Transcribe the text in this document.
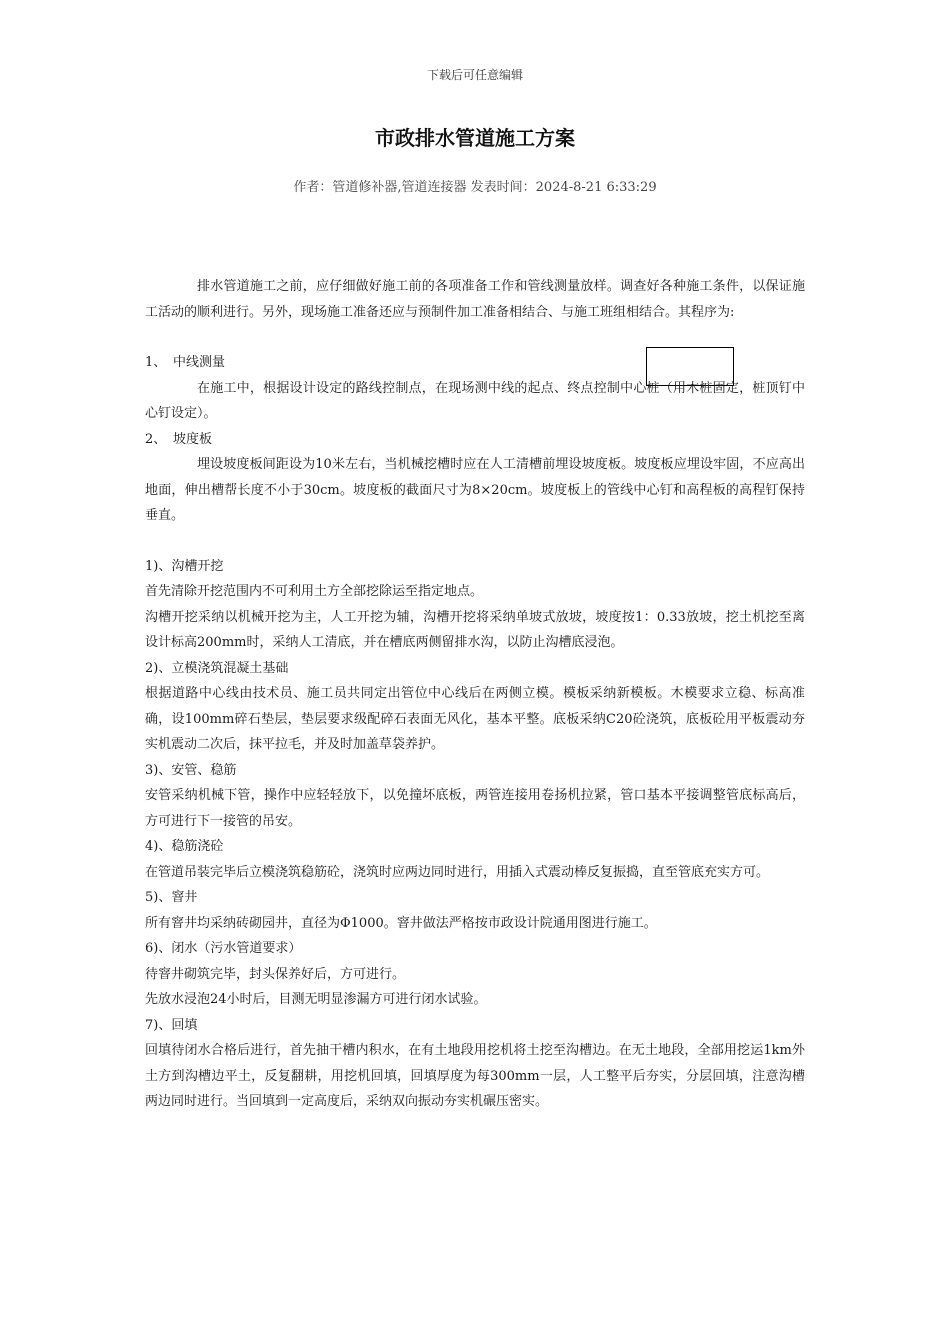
下载后可任意编辑
市政排水管道施工方案
作者：管道修补器,管道连接器 发表时间：2024-8-21 6:33:29

排水管道施工之前，应仔细做好施工前的各项准备工作和管线测量放样。调查好各种施工条件，以保证施工活动的顺利进行。另外，现场施工准备还应与预制件加工准备相结合、与施工班组相结合。其程序为:

1、 中线测量

在施工中，根据设计设定的路线控制点，在现场测中线的起点、终点控制中心桩（用木桩固定，桩顶钉中心钉设定）。

2、 坡度板

埋设坡度板间距设为10米左右，当机械挖槽时应在人工清槽前埋设坡度板。坡度板应埋设牢固，不应高出地面，伸出槽帮长度不小于30cm。坡度板的截面尺寸为8×20cm。坡度板上的管线中心钉和高程板的高程钉保持垂直。

1)、沟槽开挖

首先清除开挖范围内不可利用土方全部挖除运至指定地点。

沟槽开挖采纳以机械开挖为主，人工开挖为辅，沟槽开挖将采纳单坡式放坡，坡度按1：0.33放坡，挖土机挖至离设计标高200mm时，采纳人工清底，并在槽底两侧留排水沟，以防止沟槽底浸泡。

2)、立模浇筑混凝土基础

根据道路中心线由技术员、施工员共同定出管位中心线后在两侧立模。模板采纳新模板。木模要求立稳、标高准确，设100mm碎石垫层，垫层要求级配碎石表面无风化，基本平整。底板采纳C20砼浇筑，底板砼用平板震动夯实机震动二次后，抹平拉毛，并及时加盖草袋养护。

3)、安管、稳筋

安管采纳机械下管，操作中应轻轻放下，以免撞坏底板，两管连接用卷扬机拉紧，管口基本平接调整管底标高后，方可进行下一接管的吊安。

4)、稳筋浇砼

在管道吊装完毕后立模浇筑稳筋砼，浇筑时应两边同时进行，用插入式震动棒反复振捣，直至管底充实方可。

5)、窨井

所有窨井均采纳砖砌园井，直径为Φ1000。窨井做法严格按市政设计院通用图进行施工。

6)、闭水（污水管道要求）

待窨井砌筑完毕，封头保养好后，方可进行。

先放水浸泡24小时后，目测无明显渗漏方可进行闭水试验。

7)、回填

回填待闭水合格后进行，首先抽干槽内积水，在有土地段用挖机将土挖至沟槽边。在无土地段，全部用挖运1km外土方到沟槽边平土，反复翻耕，用挖机回填，回填厚度为每300mm一层，人工整平后夯实，分层回填，注意沟槽两边同时进行。当回填到一定高度后，采纳双向振动夯实机碾压密实。
